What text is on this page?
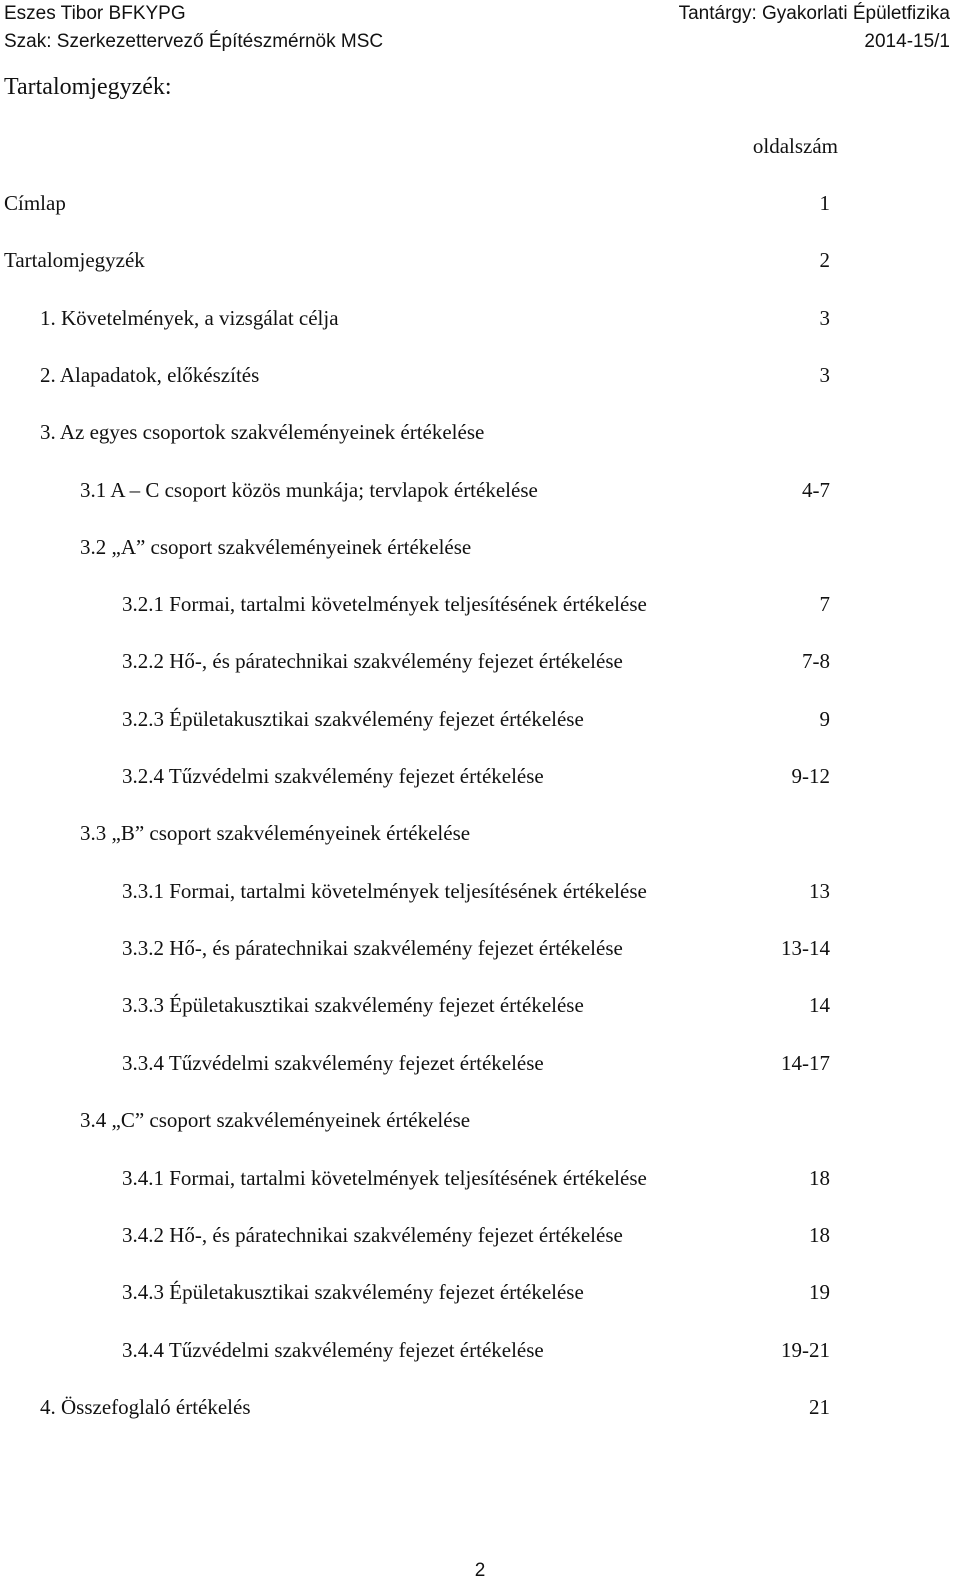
Eszes Tibor BFKYPG	Tantárgy: Gyakorlati Épületfizika
Szak: Szerkezettervező Építészmérnök MSC	2014-15/1
Tartalomjegyzék:
oldalszám
Címlap	1
Tartalomjegyzék	2
1. Követelmények, a vizsgálat célja	3
2. Alapadatok, előkészítés	3
3. Az egyes csoportok szakvéleményeinek értékelése
3.1 A – C csoport közös munkája; tervlapok értékelése	4-7
3.2 „A” csoport szakvéleményeinek értékelése
3.2.1 Formai, tartalmi követelmények teljesítésének értékelése	7
3.2.2 Hő-, és páratechnikai szakvélemény fejezet értékelése	7-8
3.2.3 Épületakusztikai szakvélemény fejezet értékelése	9
3.2.4 Tűzvédelmi szakvélemény fejezet értékelése	9-12
3.3 „B” csoport szakvéleményeinek értékelése
3.3.1 Formai, tartalmi követelmények teljesítésének értékelése	13
3.3.2 Hő-, és páratechnikai szakvélemény fejezet értékelése	13-14
3.3.3 Épületakusztikai szakvélemény fejezet értékelése	14
3.3.4 Tűzvédelmi szakvélemény fejezet értékelése	14-17
3.4 „C” csoport szakvéleményeinek értékelése
3.4.1 Formai, tartalmi követelmények teljesítésének értékelése	18
3.4.2 Hő-, és páratechnikai szakvélemény fejezet értékelése	18
3.4.3 Épületakusztikai szakvélemény fejezet értékelése	19
3.4.4 Tűzvédelmi szakvélemény fejezet értékelése	19-21
4. Összefoglaló értékelés	21
2
